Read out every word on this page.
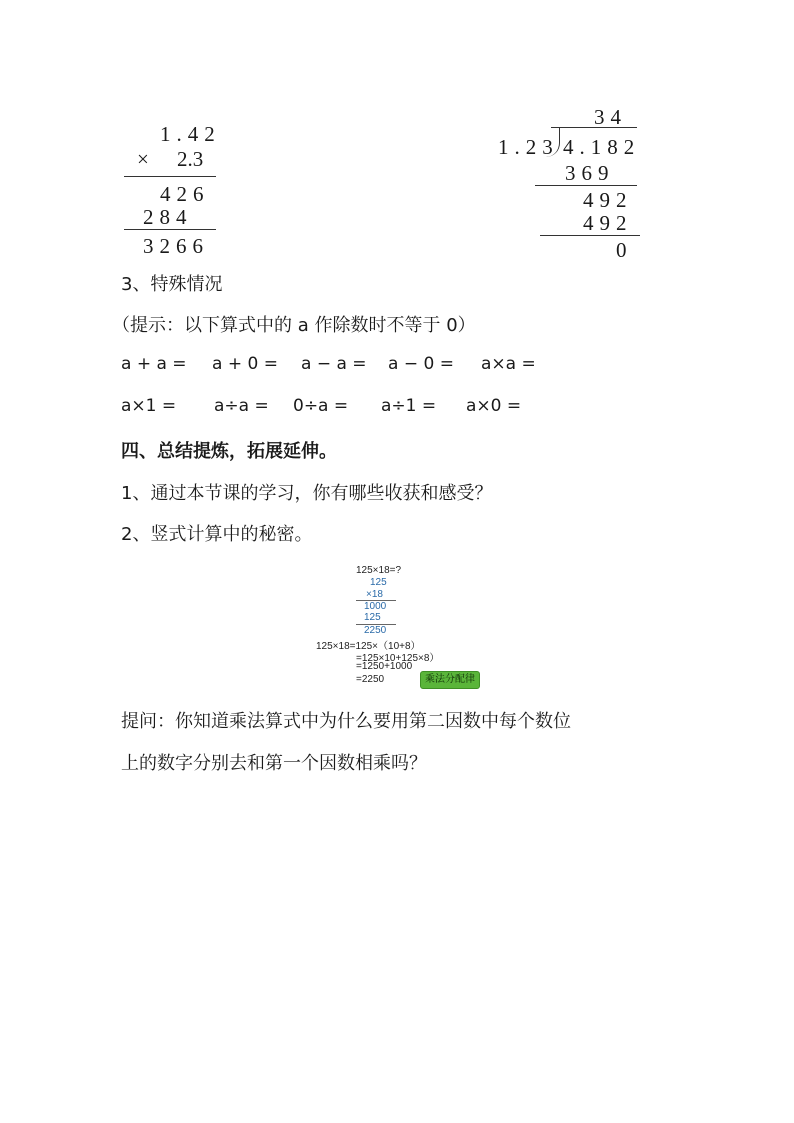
1.42
× 2.3
426
284
3266
34
1.23 4.182
369
492
492
0
3、特殊情况
（提示：以下算式中的 a 作除数时不等于 0）
a + a = a + 0 = a − a = a − 0 = a×a =
a×1 = a÷a = 0÷a = a÷1 = a×0 =
四、总结提炼，拓展延伸。
1、通过本节课的学习，你有哪些收获和感受？
2、竖式计算中的秘密。
125×18=?
125
×18
1000
125
2250
125×18=125×（10+8）
=125×10+125×8）
=1250+1000
=2250	乘法分配律
提问：你知道乘法算式中为什么要用第二因数中每个数位
上的数字分别去和第一个因数相乘吗？
